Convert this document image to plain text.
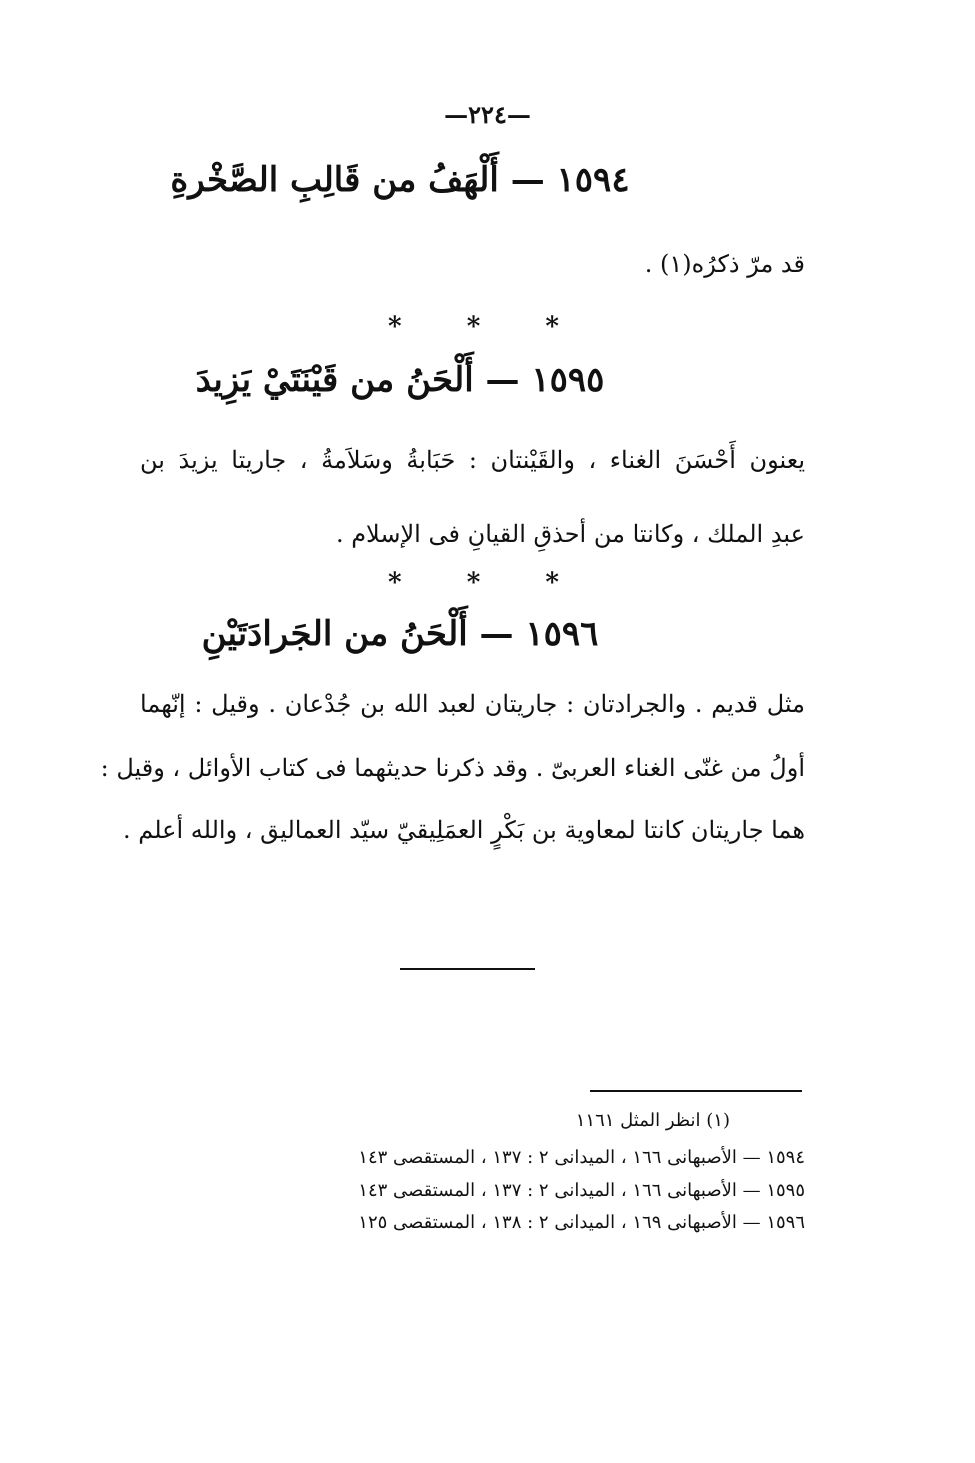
—٢٢٤—
١٥٩٤ — أَلْهَفُ من قَالِبِ الصَّخْرةِ
قد مرّ ذكرُه(١) .
* * *
١٥٩٥ — أَلْحَنُ من قَيْنَتَيْ يَزِيدَ
يعنون أَحْسَنَ الغناء ، والقَيْنتان : حَبَابةُ وسَلاَمةُ ، جاريتا يزيدَ بن
عبدِ الملك ، وكانتا من أحذقِ القيانِ فى الإسلام .
* * *
١٥٩٦ — أَلْحَنُ من الجَرادَتَيْنِ
مثل قديم . والجرادتان : جاريتان لعبد الله بن جُدْعان . وقيل : إنّهما
أولُ من غنّى الغناء العربىّ . وقد ذكرنا حديثهما فى كتاب الأوائل ، وقيل :
هما جاريتان كانتا لمعاوية بن بَكْرٍ العمَلِيقيّ سيّد العماليق ، والله أعلم .
(١) انظر المثل ١١٦١
١٥٩٤ — الأصبهانى ١٦٦ ، الميدانى ٢ : ١٣٧ ، المستقصى ١٤٣
١٥٩٥ — الأصبهانى ١٦٦ ، الميدانى ٢ : ١٣٧ ، المستقصى ١٤٣
١٥٩٦ — الأصبهانى ١٦٩ ، الميدانى ٢ : ١٣٨ ، المستقصى ١٢٥
